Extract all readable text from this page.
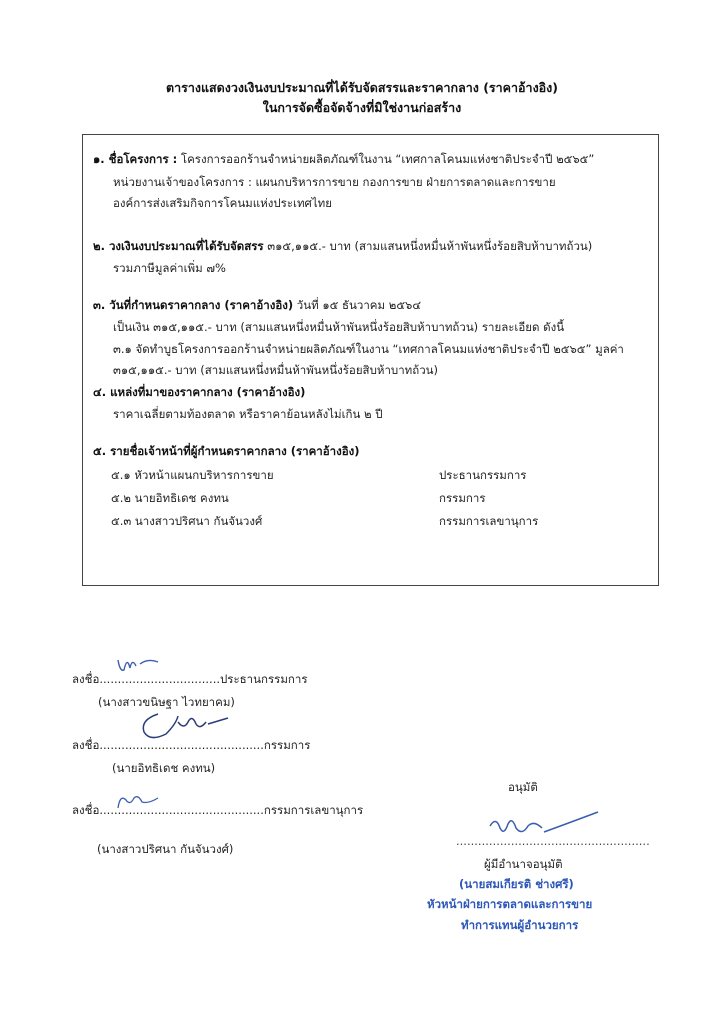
ตารางแสดงวงเงินงบประมาณที่ได้รับจัดสรรและราคากลาง (ราคาอ้างอิง)
ในการจัดซื้อจัดจ้างที่มิใช่งานก่อสร้าง
๑. ชื่อโครงการ : โครงการออกร้านจำหน่ายผลิตภัณฑ์ในงาน “เทศกาลโคนมแห่งชาติประจำปี ๒๕๖๕”
หน่วยงานเจ้าของโครงการ : แผนกบริหารการขาย กองการขาย ฝ่ายการตลาดและการขาย
องค์การส่งเสริมกิจการโคนมแห่งประเทศไทย
๒. วงเงินงบประมาณที่ได้รับจัดสรร ๓๑๕,๑๑๕.- บาท (สามแสนหนึ่งหมื่นห้าพันหนึ่งร้อยสิบห้าบาทถ้วน)
รวมภาษีมูลค่าเพิ่ม ๗%
๓. วันที่กำหนดราคากลาง (ราคาอ้างอิง) วันที่ ๑๕ ธันวาคม ๒๕๖๔
เป็นเงิน ๓๑๕,๑๑๕.- บาท (สามแสนหนึ่งหมื่นห้าพันหนึ่งร้อยสิบห้าบาทถ้วน) รายละเอียด ดังนี้
๓.๑ จัดทำบูธโครงการออกร้านจำหน่ายผลิตภัณฑ์ในงาน “เทศกาลโคนมแห่งชาติประจำปี ๒๕๖๕” มูลค่า
๓๑๕,๑๑๕.- บาท (สามแสนหนึ่งหมื่นห้าพันหนึ่งร้อยสิบห้าบาทถ้วน)
๔. แหล่งที่มาของราคากลาง (ราคาอ้างอิง)
ราคาเฉลี่ยตามท้องตลาด หรือราคาย้อนหลังไม่เกิน ๒ ปี
๕. รายชื่อเจ้าหน้าที่ผู้กำหนดราคากลาง (ราคาอ้างอิง)
๕.๑ หัวหน้าแผนกบริหารการขาย	ประธานกรรมการ
๕.๒ นายอิทธิเดช คงทน	กรรมการ
๕.๓ นางสาวปริศนา กันจันวงศ์	กรรมการเลขานุการ
ลงชื่อ.................................ประธานกรรมการ
(นางสาวขนิษฐา ไวทยาคม)
ลงชื่อ.............................................กรรมการ
(นายอิทธิเดช คงทน)
ลงชื่อ.............................................กรรมการเลขานุการ
(นางสาวปริศนา กันจันวงศ์)
อนุมัติ
.....................................................
ผู้มีอำนาจอนุมัติ
(นายสมเกียรติ ช่างศรี)
หัวหน้าฝ่ายการตลาดและการขาย
ทำการแทนผู้อำนวยการ
